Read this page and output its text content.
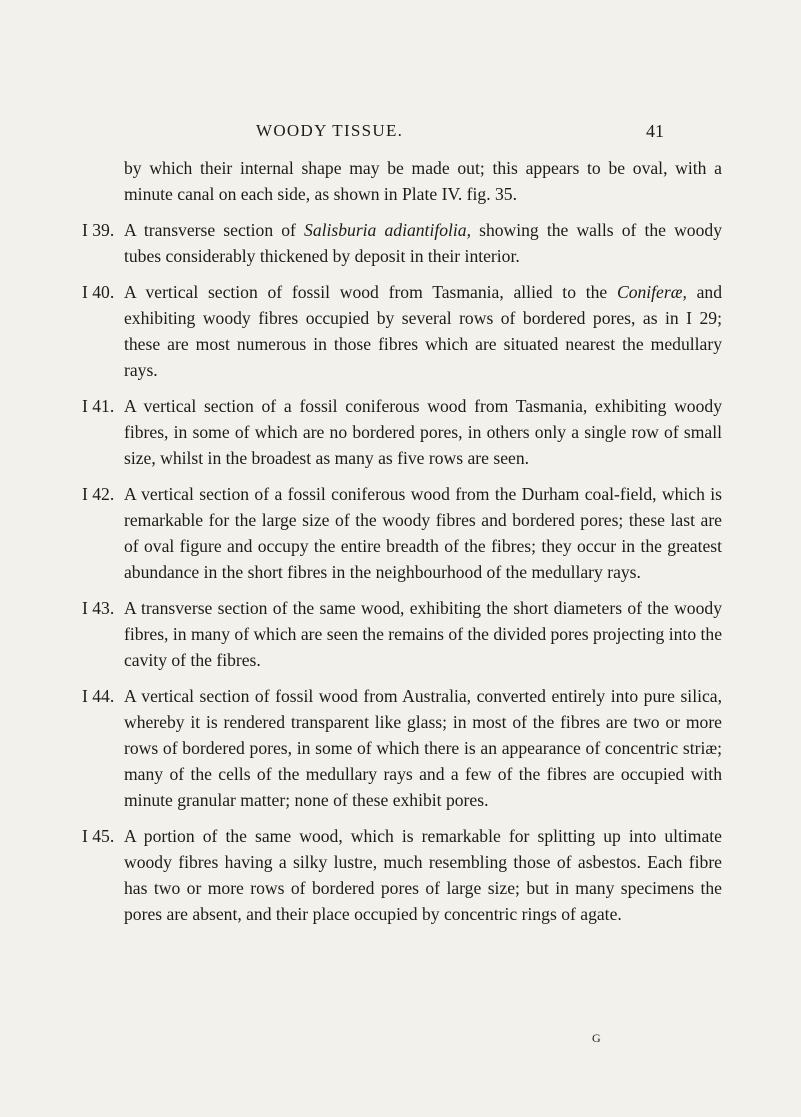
WOODY TISSUE.	41

by which their internal shape may be made out; this appears to be oval, with a minute canal on each side, as shown in Plate IV. fig. 35.

I 39. A transverse section of Salisburia adiantifolia, showing the walls of the woody tubes considerably thickened by deposit in their interior.
I 40. A vertical section of fossil wood from Tasmania, allied to the Coniferæ, and exhibiting woody fibres occupied by several rows of bordered pores, as in I 29; these are most numerous in those fibres which are situated nearest the medullary rays.
I 41. A vertical section of a fossil coniferous wood from Tasmania, exhibiting woody fibres, in some of which are no bordered pores, in others only a single row of small size, whilst in the broadest as many as five rows are seen.
I 42. A vertical section of a fossil coniferous wood from the Durham coal-field, which is remarkable for the large size of the woody fibres and bordered pores; these last are of oval figure and occupy the entire breadth of the fibres; they occur in the greatest abundance in the short fibres in the neighbourhood of the medullary rays.
I 43. A transverse section of the same wood, exhibiting the short diameters of the woody fibres, in many of which are seen the remains of the divided pores projecting into the cavity of the fibres.
I 44. A vertical section of fossil wood from Australia, converted entirely into pure silica, whereby it is rendered transparent like glass; in most of the fibres are two or more rows of bordered pores, in some of which there is an appearance of concentric striæ; many of the cells of the medullary rays and a few of the fibres are occupied with minute granular matter; none of these exhibit pores.
I 45. A portion of the same wood, which is remarkable for splitting up into ultimate woody fibres having a silky lustre, much resembling those of asbestos. Each fibre has two or more rows of bordered pores of large size; but in many specimens the pores are absent, and their place occupied by concentric rings of agate.
G
